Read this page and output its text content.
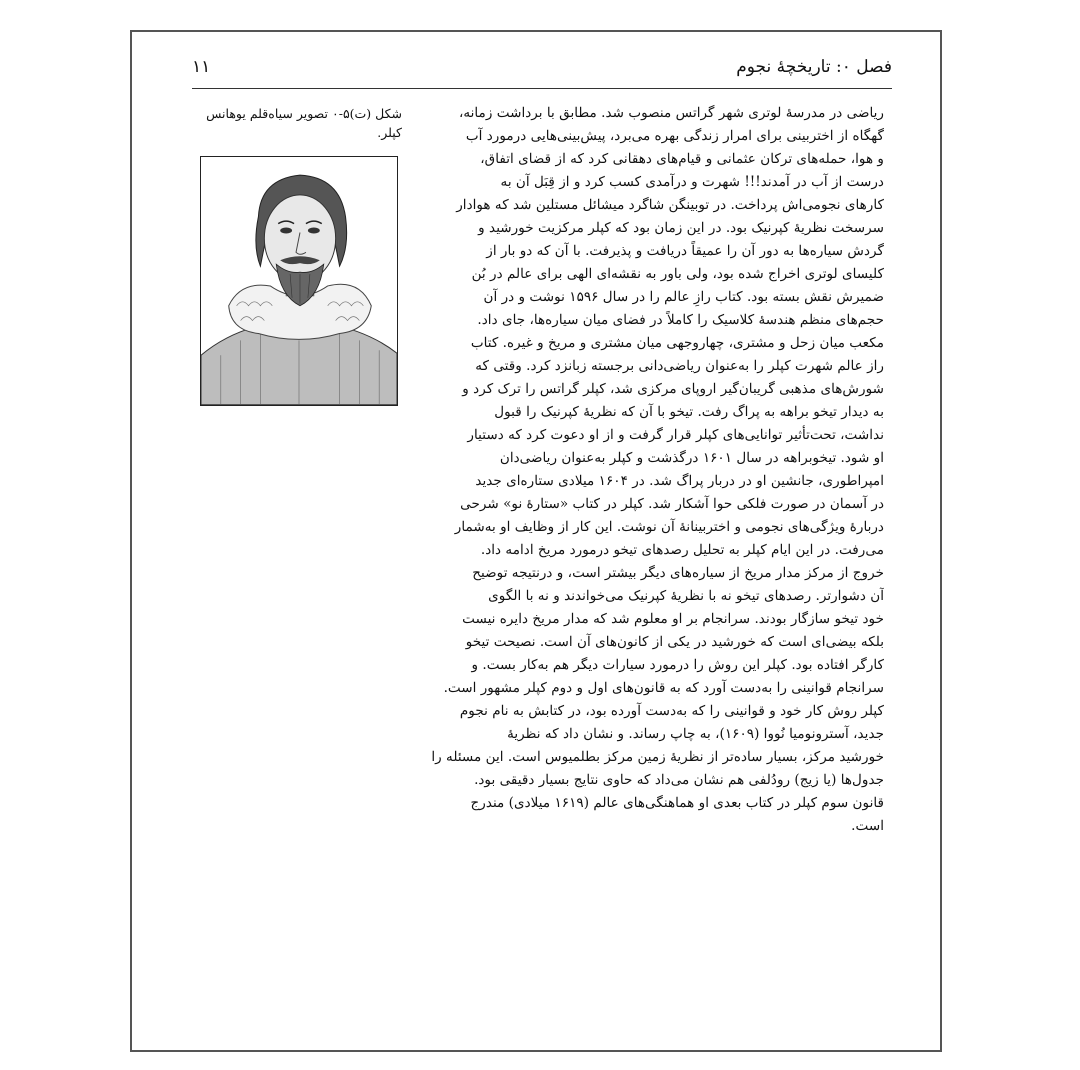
فصل ۰: تاریخچهٔ نجوم
۱۱
شکل (ت)۵-۰ تصویر سیاه‌قلم یوهانس کپلر.
ریاضی در مدرسهٔ لوتری شهر گراتس منصوب شد. مطابق با برداشت زمانه،
گهگاه از اختربینی برای امرار زندگی بهره می‌برد، پیش‌بینی‌هایی درمورد آب
و هوا، حمله‌های ترکان عثمانی و قیام‌های دهقانی کرد که از قضای اتفاق،
درست از آب در آمدند!!! شهرت و درآمدی کسب کرد و از قِبَل آن به
کارهای نجومی‌اش پرداخت. در توبینگن شاگرد میشائل مستلین شد که هوادار
سرسخت نظریهٔ کپرنیک بود. در این زمان بود که کپلر مرکزیت خورشید و
گردش سیاره‌ها به دور آن را عمیقاً دریافت و پذیرفت. با آن که دو بار از
کلیسای لوتری اخراج شده بود، ولی باور به نقشه‌ای الهی برای عالم در بُن
ضمیرش نقش بسته بود. کتاب رازِ عالم را در سال ۱۵۹۶ نوشت و در آن
حجم‌های منظم هندسهٔ کلاسیک را کاملاً در فضای میان سیاره‌ها، جای داد.
مکعب میان زحل و مشتری، چهاروجهی میان مشتری و مریخ و غیره. کتاب
راز عالم شهرت کپلر را به‌عنوان ریاضی‌دانی برجسته زبانزد کرد. وقتی که
شورش‌های مذهبی گریبان‌گیر اروپای مرکزی شد، کپلر گراتس را ترک کرد و
به دیدار تیخو براهه به پراگ رفت. تیخو با آن که نظریهٔ کپرنیک را قبول
نداشت، تحت‌تأثیر توانایی‌های کپلر قرار گرفت و از او دعوت کرد که دستیار
او شود. تیخوبراهه در سال ۱۶۰۱ درگذشت و کپلر به‌عنوان ریاضی‌دان
امپراطوری، جانشین او در دربار پراگ شد. در ۱۶۰۴ میلادی ستاره‌ای جدید
در آسمان در صورت فلکی حوا آشکار شد. کپلر در کتاب «ستارهٔ نو» شرحی
دربارهٔ ویژگی‌های نجومی و اختربینانهٔ آن نوشت. این کار از وظایف او به‌شمار
می‌رفت. در این ایام کپلر به تحلیل رصدهای تیخو درمورد مریخ ادامه داد.
خروج از مرکز مدار مریخ از سیاره‌های دیگر بیشتر است، و درنتیجه توضیح
آن دشوارتر. رصدهای تیخو نه با نظریهٔ کپرنیک می‌خواندند و نه با الگوی
خود تیخو سازگار بودند. سرانجام بر او معلوم شد که مدار مریخ دایره نیست
بلکه بیضی‌ای است که خورشید در یکی از کانون‌های آن است. نصیحت تیخو
کارگر افتاده بود. کپلر این روش را درمورد سیارات دیگر هم به‌کار بست. و
سرانجام قوانینی را به‌دست آورد که به قانون‌های اول و دوم کپلر مشهور است.
کپلر روش کار خود و قوانینی را که به‌دست آورده بود، در کتابش به نام نجوم
جدید، آسترونومیا نُووا (۱۶۰۹)، به چاپ رساند. و نشان داد که نظریهٔ
خورشید مرکز، بسیار ساده‌تر از نظریهٔ زمین مرکز بطلمیوس است. این مسئله را
جدول‌ها (یا زیج) رودُلفی هم نشان می‌داد که حاوی نتایج بسیار دقیقی بود.
قانون سوم کپلر در کتاب بعدی او هماهنگی‌های عالم (۱۶۱۹ میلادی) مندرج
است.
